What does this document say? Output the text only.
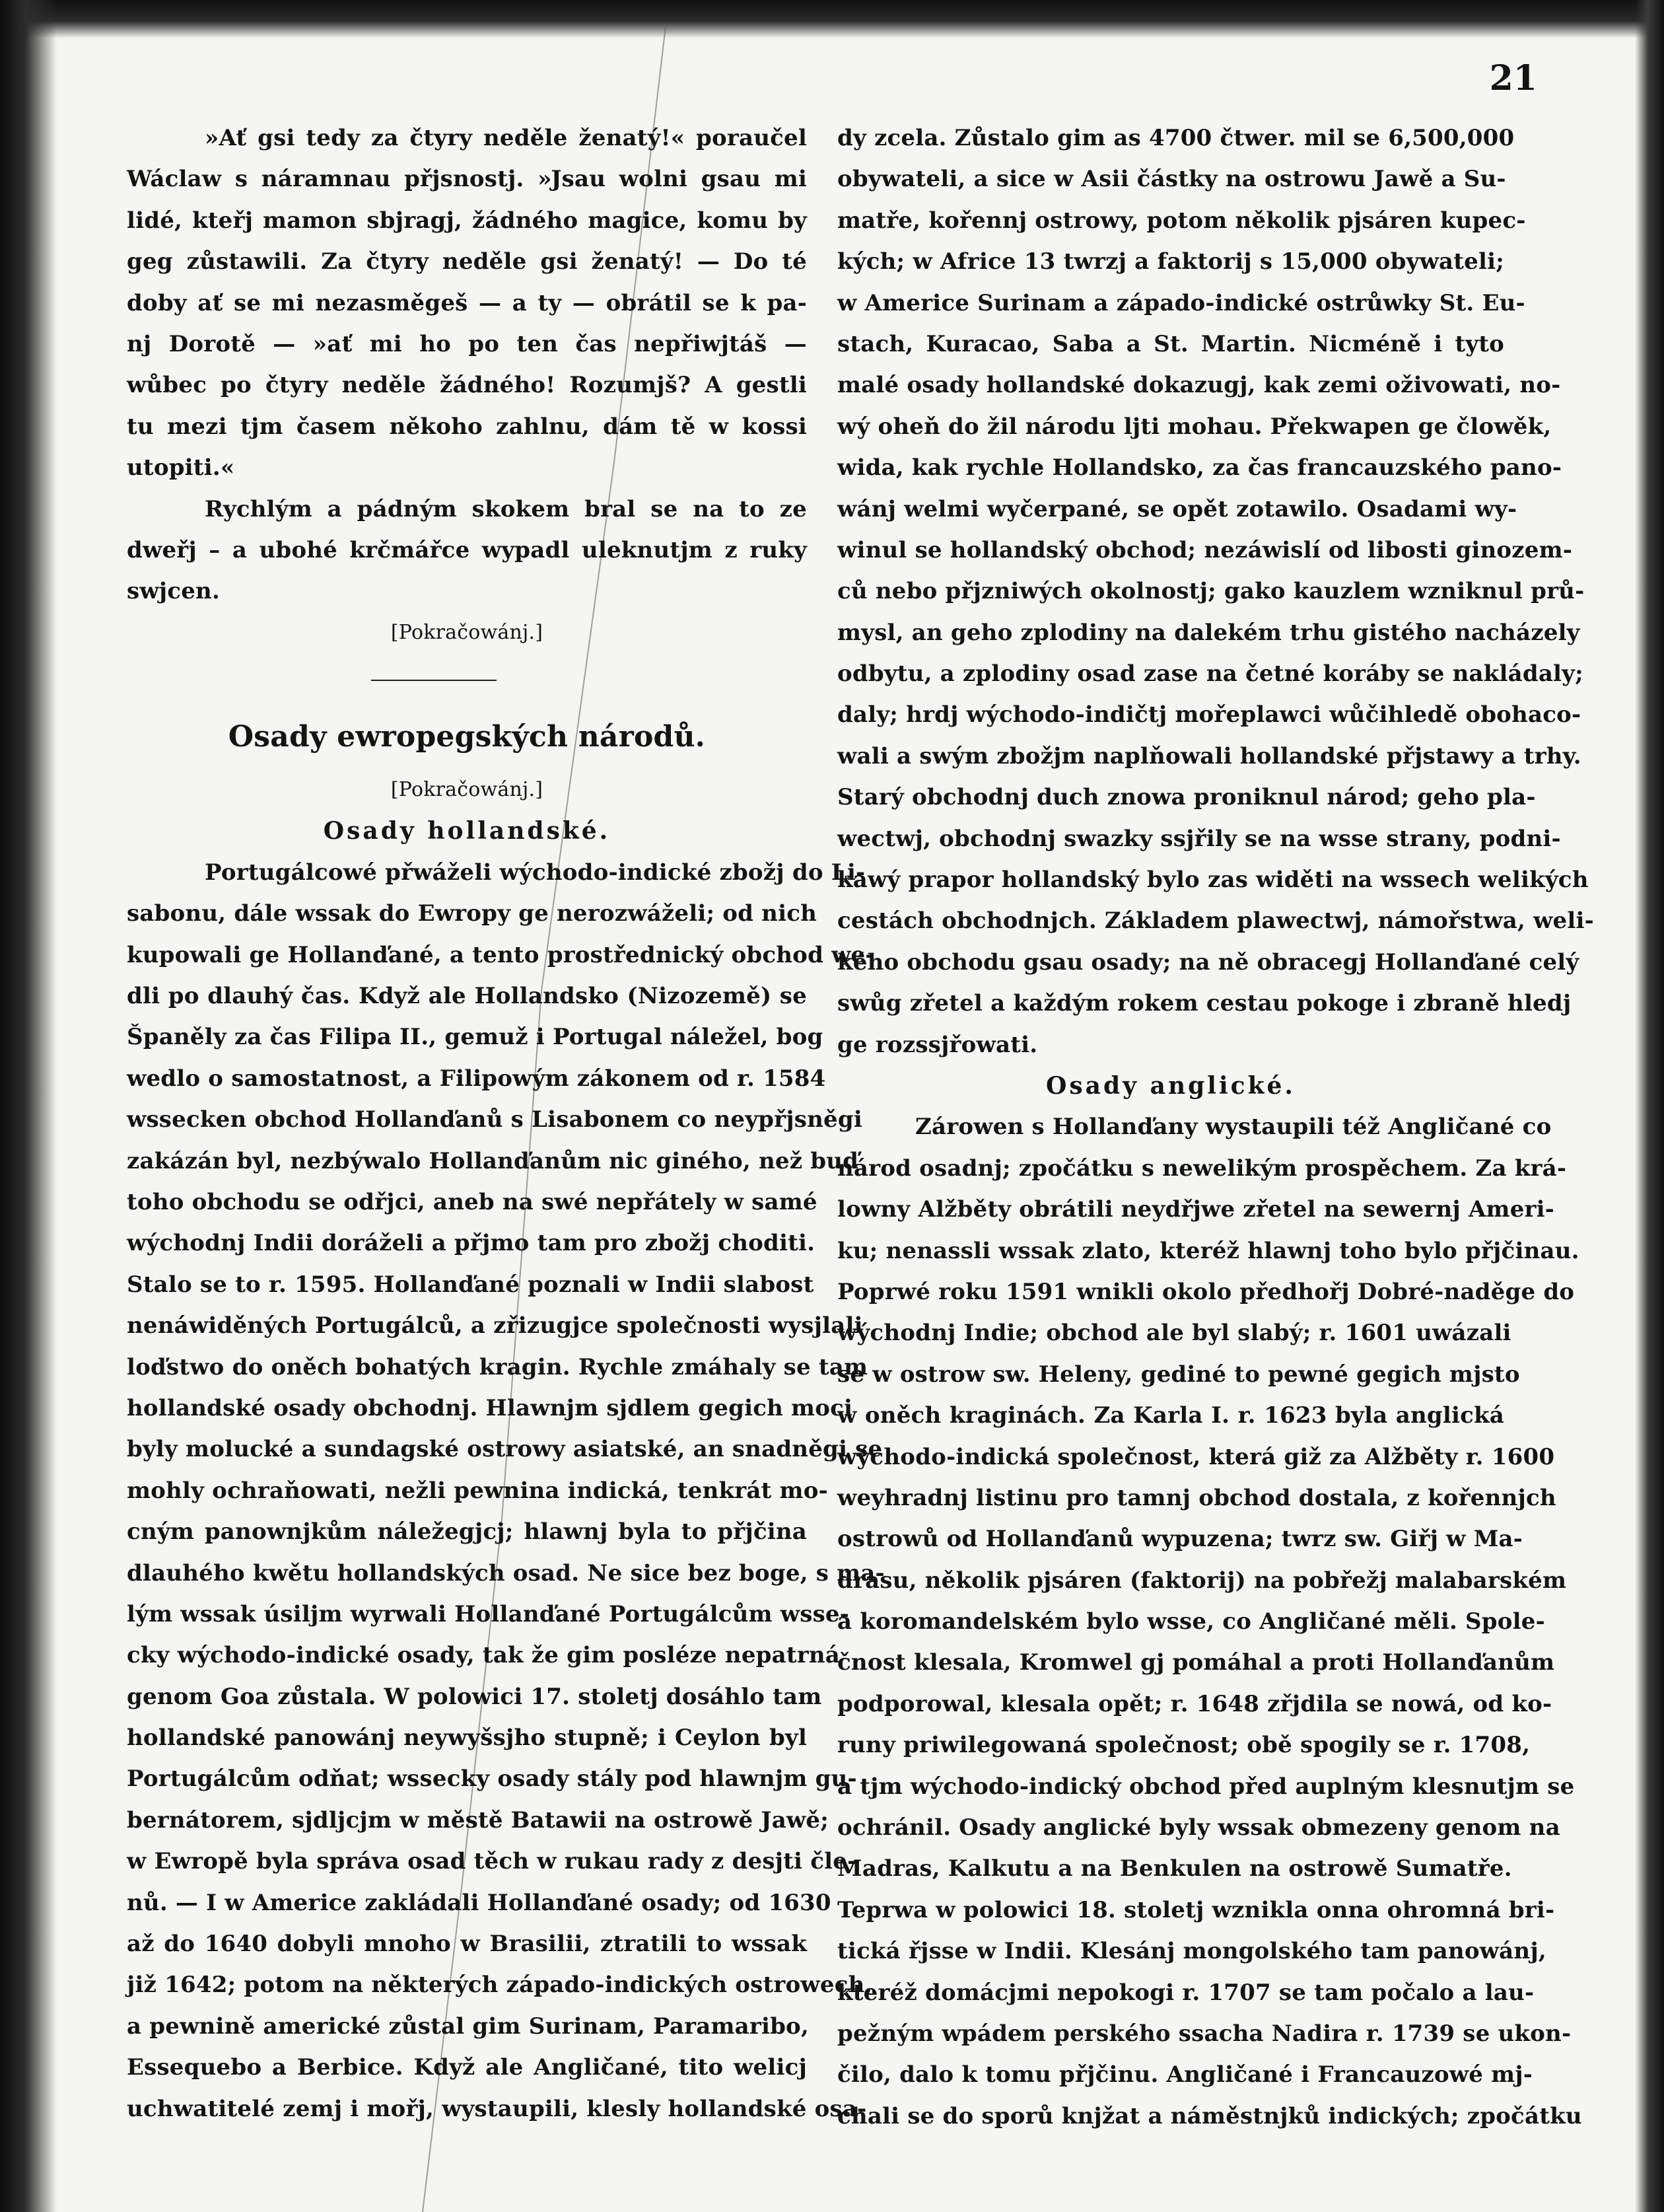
21
»Ať gsi tedy za čtyry neděle ženatý!« poraučel
Wáclaw s náramnau přjsnostj. »Jsau wolni gsau mi
lidé, kteřj mamon sbjragj, žádného magice, komu by
geg zůstawili. Za čtyry neděle gsi ženatý! — Do té
doby ať se mi nezasměgeš — a ty — obrátil se k pa-
nj Dorotě — »ať mi ho po ten čas nepřiwjtáš —
wůbec po čtyry neděle žádného! Rozumjš? A gestli
tu mezi tjm časem někoho zahlnu, dám tě w kossi
utopiti.«
Rychlým a pádným skokem bral se na to ze
dweřj – a ubohé krčmářce wypadl uleknutjm z ruky
swjcen.
[Pokračowánj.]
Osady ewropegských národů.
[Pokračowánj.]
Osady hollandské.
Portugálcowé přwáželi wýchodo-indické zbožj do Li-
sabonu, dále wssak do Ewropy ge nerozwáželi; od nich
kupowali ge Hollanďané, a tento prostřednický obchod we-
dli po dlauhý čas. Když ale Hollandsko (Nizozemě) se
Španěly za čas Filipa II., gemuž i Portugal náležel, bog
wedlo o samostatnost, a Filipowým zákonem od r. 1584
wssecken obchod Hollanďanů s Lisabonem co neypřjsněgi
zakázán byl, nezbýwalo Hollanďanům nic giného, než buď
toho obchodu se odřjci, aneb na swé nepřátely w samé
wýchodnj Indii doráželi a přjmo tam pro zbožj choditi.
Stalo se to r. 1595. Hollanďané poznali w Indii slabost
nenáwiděných Portugálců, a zřizugjce společnosti wysjlali
loďstwo do oněch bohatých kragin. Rychle zmáhaly se tam
hollandské osady obchodnj. Hlawnjm sjdlem gegich moci
byly molucké a sundagské ostrowy asiatské, an snadněgi se
mohly ochraňowati, nežli pewnina indická, tenkrát mo-
cným panownjkům náležegjcj; hlawnj byla to přjčina
dlauhého kwětu hollandských osad. Ne sice bez boge, s ma-
lým wssak úsiljm wyrwali Hollanďané Portugálcům wsse-
cky wýchodo-indické osady, tak že gim posléze nepatrná
genom Goa zůstala. W polowici 17. stoletj dosáhlo tam
hollandské panowánj neywyšsjho stupně; i Ceylon byl
Portugálcům odňat; wssecky osady stály pod hlawnjm gu-
bernátorem, sjdljcjm w městě Batawii na ostrowě Jawě;
w Ewropě byla správa osad těch w rukau rady z desjti čle-
nů. — I w Americe zakládali Hollanďané osady; od 1630
až do 1640 dobyli mnoho w Brasilii, ztratili to wssak
již 1642; potom na některých západo-indických ostrowech,
a pewnině americké zůstal gim Surinam, Paramaribo,
Essequebo a Berbice. Když ale Angličané, tito welicj
uchwatitelé zemj i mořj, wystaupili, klesly hollandské osa-
dy zcela. Zůstalo gim as 4700 čtwer. mil se 6,500,000
obywateli, a sice w Asii částky na ostrowu Jawě a Su-
matře, kořennj ostrowy, potom několik pjsáren kupec-
kých; w Africe 13 twrzj a faktorij s 15,000 obywateli;
w Americe Surinam a západo-indické ostrůwky St. Eu-
stach, Kuracao, Saba a St. Martin. Nicméně i tyto
malé osady hollandské dokazugj, kak zemi oživowati, no-
wý oheň do žil národu ljti mohau. Překwapen ge člowěk,
wida, kak rychle Hollandsko, za čas francauzského pano-
wánj welmi wyčerpané, se opět zotawilo. Osadami wy-
winul se hollandský obchod; nezáwislí od libosti ginozem-
ců nebo přjzniwých okolnostj; gako kauzlem wzniknul prů-
mysl, an geho zplodiny na dalekém trhu gistého nacházely
odbytu, a zplodiny osad zase na četné koráby se nakládaly;
daly; hrdj wýchodo-indičtj mořeplawci wůčihledě obohaco-
wali a swým zbožjm naplňowali hollandské přjstawy a trhy.
Starý obchodnj duch znowa proniknul národ; geho pla-
wectwj, obchodnj swazky ssjřily se na wsse strany, podni-
kawý prapor hollandský bylo zas widěti na wssech welikých
cestách obchodnjch. Základem plawectwj, námořstwa, weli-
kého obchodu gsau osady; na ně obracegj Hollanďané celý
swůg zřetel a každým rokem cestau pokoge i zbraně hledj
ge rozssjřowati.
Osady anglické.
Zárowen s Hollanďany wystaupili též Angličané co
národ osadnj; zpočátku s newelikým prospěchem. Za krá-
lowny Alžběty obrátili neydřjwe zřetel na sewernj Ameri-
ku; nenassli wssak zlato, kteréž hlawnj toho bylo přjčinau.
Poprwé roku 1591 wnikli okolo předhořj Dobré-naděge do
wýchodnj Indie; obchod ale byl slabý; r. 1601 uwázali
se w ostrow sw. Heleny, gediné to pewné gegich mjsto
w oněch kraginách. Za Karla I. r. 1623 byla anglická
wýchodo-indická společnost, která giž za Alžběty r. 1600
weyhradnj listinu pro tamnj obchod dostala, z kořennjch
ostrowů od Hollanďanů wypuzena; twrz sw. Giřj w Ma-
drasu, několik pjsáren (faktorij) na pobřežj malabarském
a koromandelském bylo wsse, co Angličané měli. Spole-
čnost klesala, Kromwel gj pomáhal a proti Hollanďanům
podporowal, klesala opět; r. 1648 zřjdila se nowá, od ko-
runy priwilegowaná společnost; obě spogily se r. 1708,
a tjm wýchodo-indický obchod před auplným klesnutjm se
ochránil. Osady anglické byly wssak obmezeny genom na
Madras, Kalkutu a na Benkulen na ostrowě Sumatře.
Teprwa w polowici 18. stoletj wznikla onna ohromná bri-
tická řjsse w Indii. Klesánj mongolského tam panowánj,
kteréž domácjmi nepokogi r. 1707 se tam počalo a lau-
pežným wpádem perského ssacha Nadira r. 1739 se ukon-
čilo, dalo k tomu přjčinu. Angličané i Francauzowé mj-
chali se do sporů knjžat a náměstnjků indických; zpočátku
